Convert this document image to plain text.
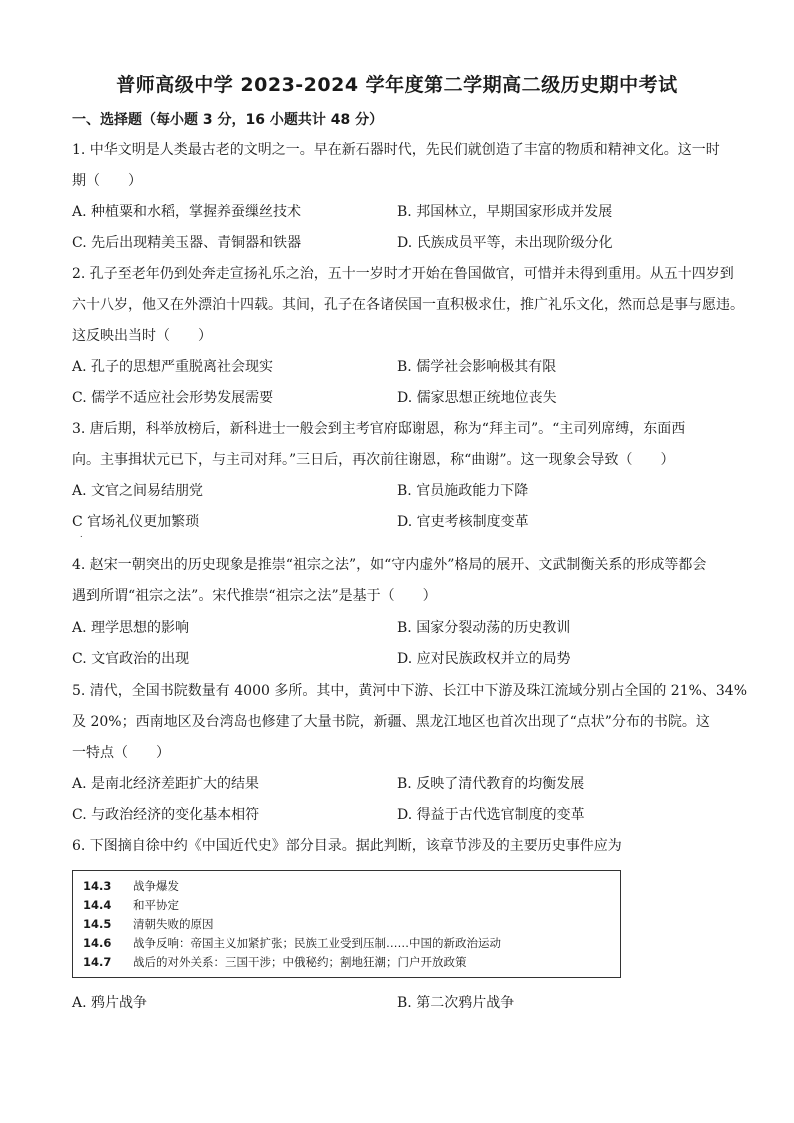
普师高级中学 2023-2024 学年度第二学期高二级历史期中考试
一、选择题（每小题 3 分，16 小题共计 48 分）
1. 中华文明是人类最古老的文明之一。早在新石器时代，先民们就创造了丰富的物质和精神文化。这一时
期（　　）
A. 种植粟和水稻，掌握养蚕缫丝技术	B. 邦国林立，早期国家形成并发展
C. 先后出现精美玉器、青铜器和铁器	D. 氏族成员平等，未出现阶级分化
2. 孔子至老年仍到处奔走宣扬礼乐之治，五十一岁时才开始在鲁国做官，可惜并未得到重用。从五十四岁到
六十八岁，他又在外漂泊十四载。其间，孔子在各诸侯国一直积极求仕，推广礼乐文化，然而总是事与愿违。
这反映出当时（　　）
A. 孔子的思想严重脱离社会现实	B. 儒学社会影响极其有限
C. 儒学不适应社会形势发展需要	D. 儒家思想正统地位丧失
3. 唐后期，科举放榜后，新科进士一般会到主考官府邸谢恩，称为“拜主司”。“主司列席缚，东面西
向。主事揖状元已下，与主司对拜。”三日后，再次前往谢恩，称“曲谢”。这一现象会导致（　　）
A. 文官之间易结朋党	B. 官员施政能力下降
C 官场礼仪更加繁琐	D. 官吏考核制度变革
.
4. 赵宋一朝突出的历史现象是推崇“祖宗之法”，如“守内虚外”格局的展开、文武制衡关系的形成等都会
遇到所谓“祖宗之法”。宋代推崇“祖宗之法”是基于（　　）
A. 理学思想的影响	B. 国家分裂动荡的历史教训
C. 文官政治的出现	D. 应对民族政权并立的局势
5. 清代，全国书院数量有 4000 多所。其中，黄河中下游、长江中下游及珠江流域分别占全国的 21%、34%
及 20%；西南地区及台湾岛也修建了大量书院，新疆、黑龙江地区也首次出现了“点状”分布的书院。这
一特点（　　）
A. 是南北经济差距扩大的结果	B. 反映了清代教育的均衡发展
C. 与政治经济的变化基本相符	D. 得益于古代选官制度的变革
6. 下图摘自徐中约《中国近代史》部分目录。据此判断，该章节涉及的主要历史事件应为
14.3 战争爆发
14.4 和平协定
14.5 清朝失败的原因
14.6 战争反响：帝国主义加紧扩张；民族工业受到压制……中国的新政治运动
14.7 战后的对外关系：三国干涉；中俄秘约；割地狂潮；门户开放政策
A. 鸦片战争	B. 第二次鸦片战争
